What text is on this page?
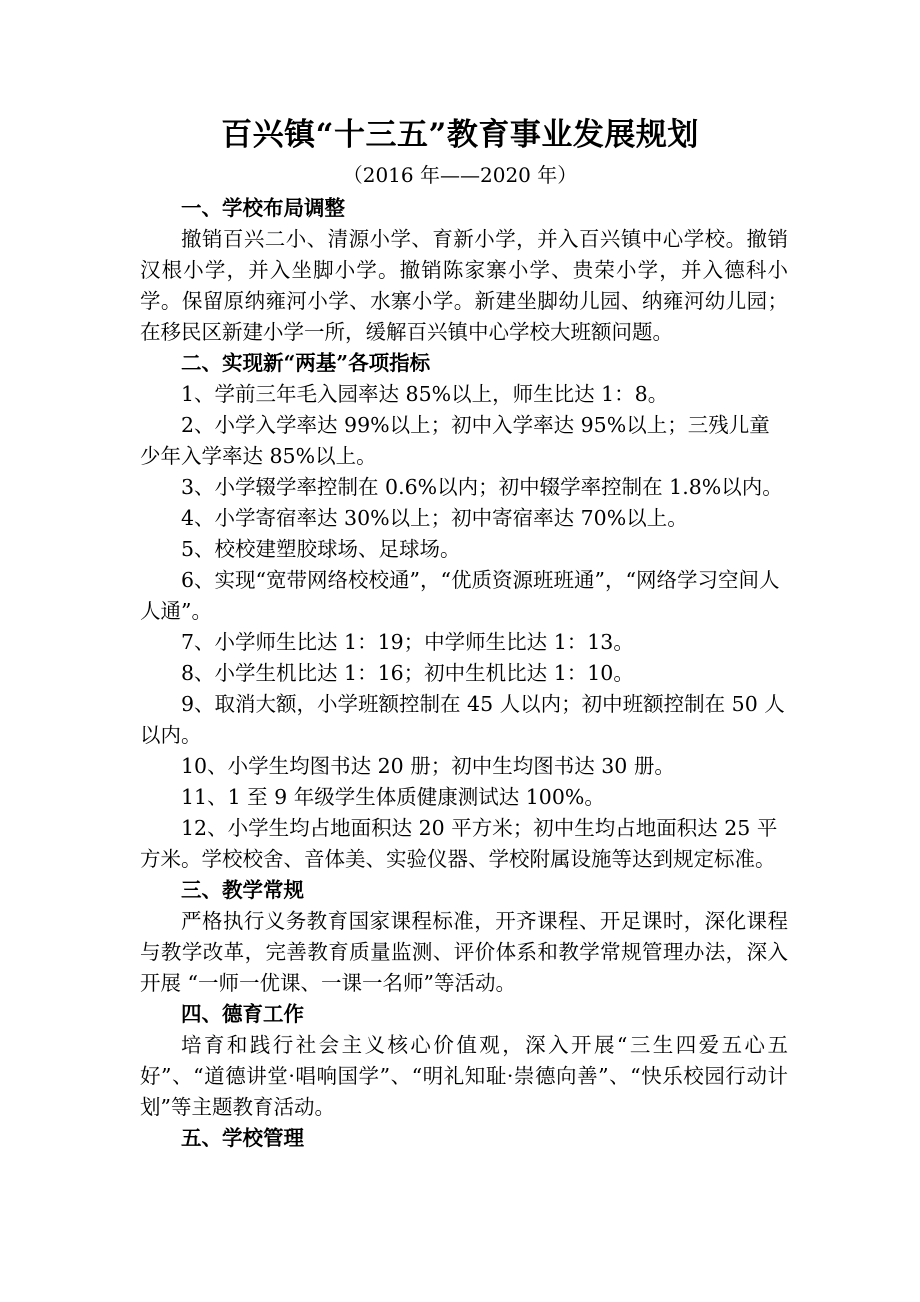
百兴镇“十三五”教育事业发展规划
（2016 年——2020 年）
一、学校布局调整
撤销百兴二小、清源小学、育新小学，并入百兴镇中心学校。撤销汉根小学，并入坐脚小学。撤销陈家寨小学、贵荣小学，并入德科小学。保留原纳雍河小学、水寨小学。新建坐脚幼儿园、纳雍河幼儿园；在移民区新建小学一所，缓解百兴镇中心学校大班额问题。
二、实现新“两基”各项指标
1、学前三年毛入园率达 85%以上，师生比达 1：8。
2、小学入学率达 99%以上；初中入学率达 95%以上；三残儿童少年入学率达 85%以上。
3、小学辍学率控制在 0.6%以内；初中辍学率控制在 1.8%以内。
4、小学寄宿率达 30%以上；初中寄宿率达 70%以上。
5、校校建塑胶球场、足球场。
6、实现“宽带网络校校通”，“优质资源班班通”，“网络学习空间人人通”。
7、小学师生比达 1：19；中学师生比达 1：13。
8、小学生机比达 1：16；初中生机比达 1：10。
9、取消大额，小学班额控制在 45 人以内；初中班额控制在 50 人以内。
10、小学生均图书达 20 册；初中生均图书达 30 册。
11、1 至 9 年级学生体质健康测试达 100%。
12、小学生均占地面积达 20 平方米；初中生均占地面积达 25 平方米。学校校舍、音体美、实验仪器、学校附属设施等达到规定标准。
三、教学常规
严格执行义务教育国家课程标准，开齐课程、开足课时，深化课程与教学改革，完善教育质量监测、评价体系和教学常规管理办法，深入开展 “一师一优课、一课一名师”等活动。
四、德育工作
培育和践行社会主义核心价值观，深入开展“三生四爱五心五好”、“道德讲堂·唱响国学”、“明礼知耻·崇德向善”、“快乐校园行动计划”等主题教育活动。
五、学校管理
